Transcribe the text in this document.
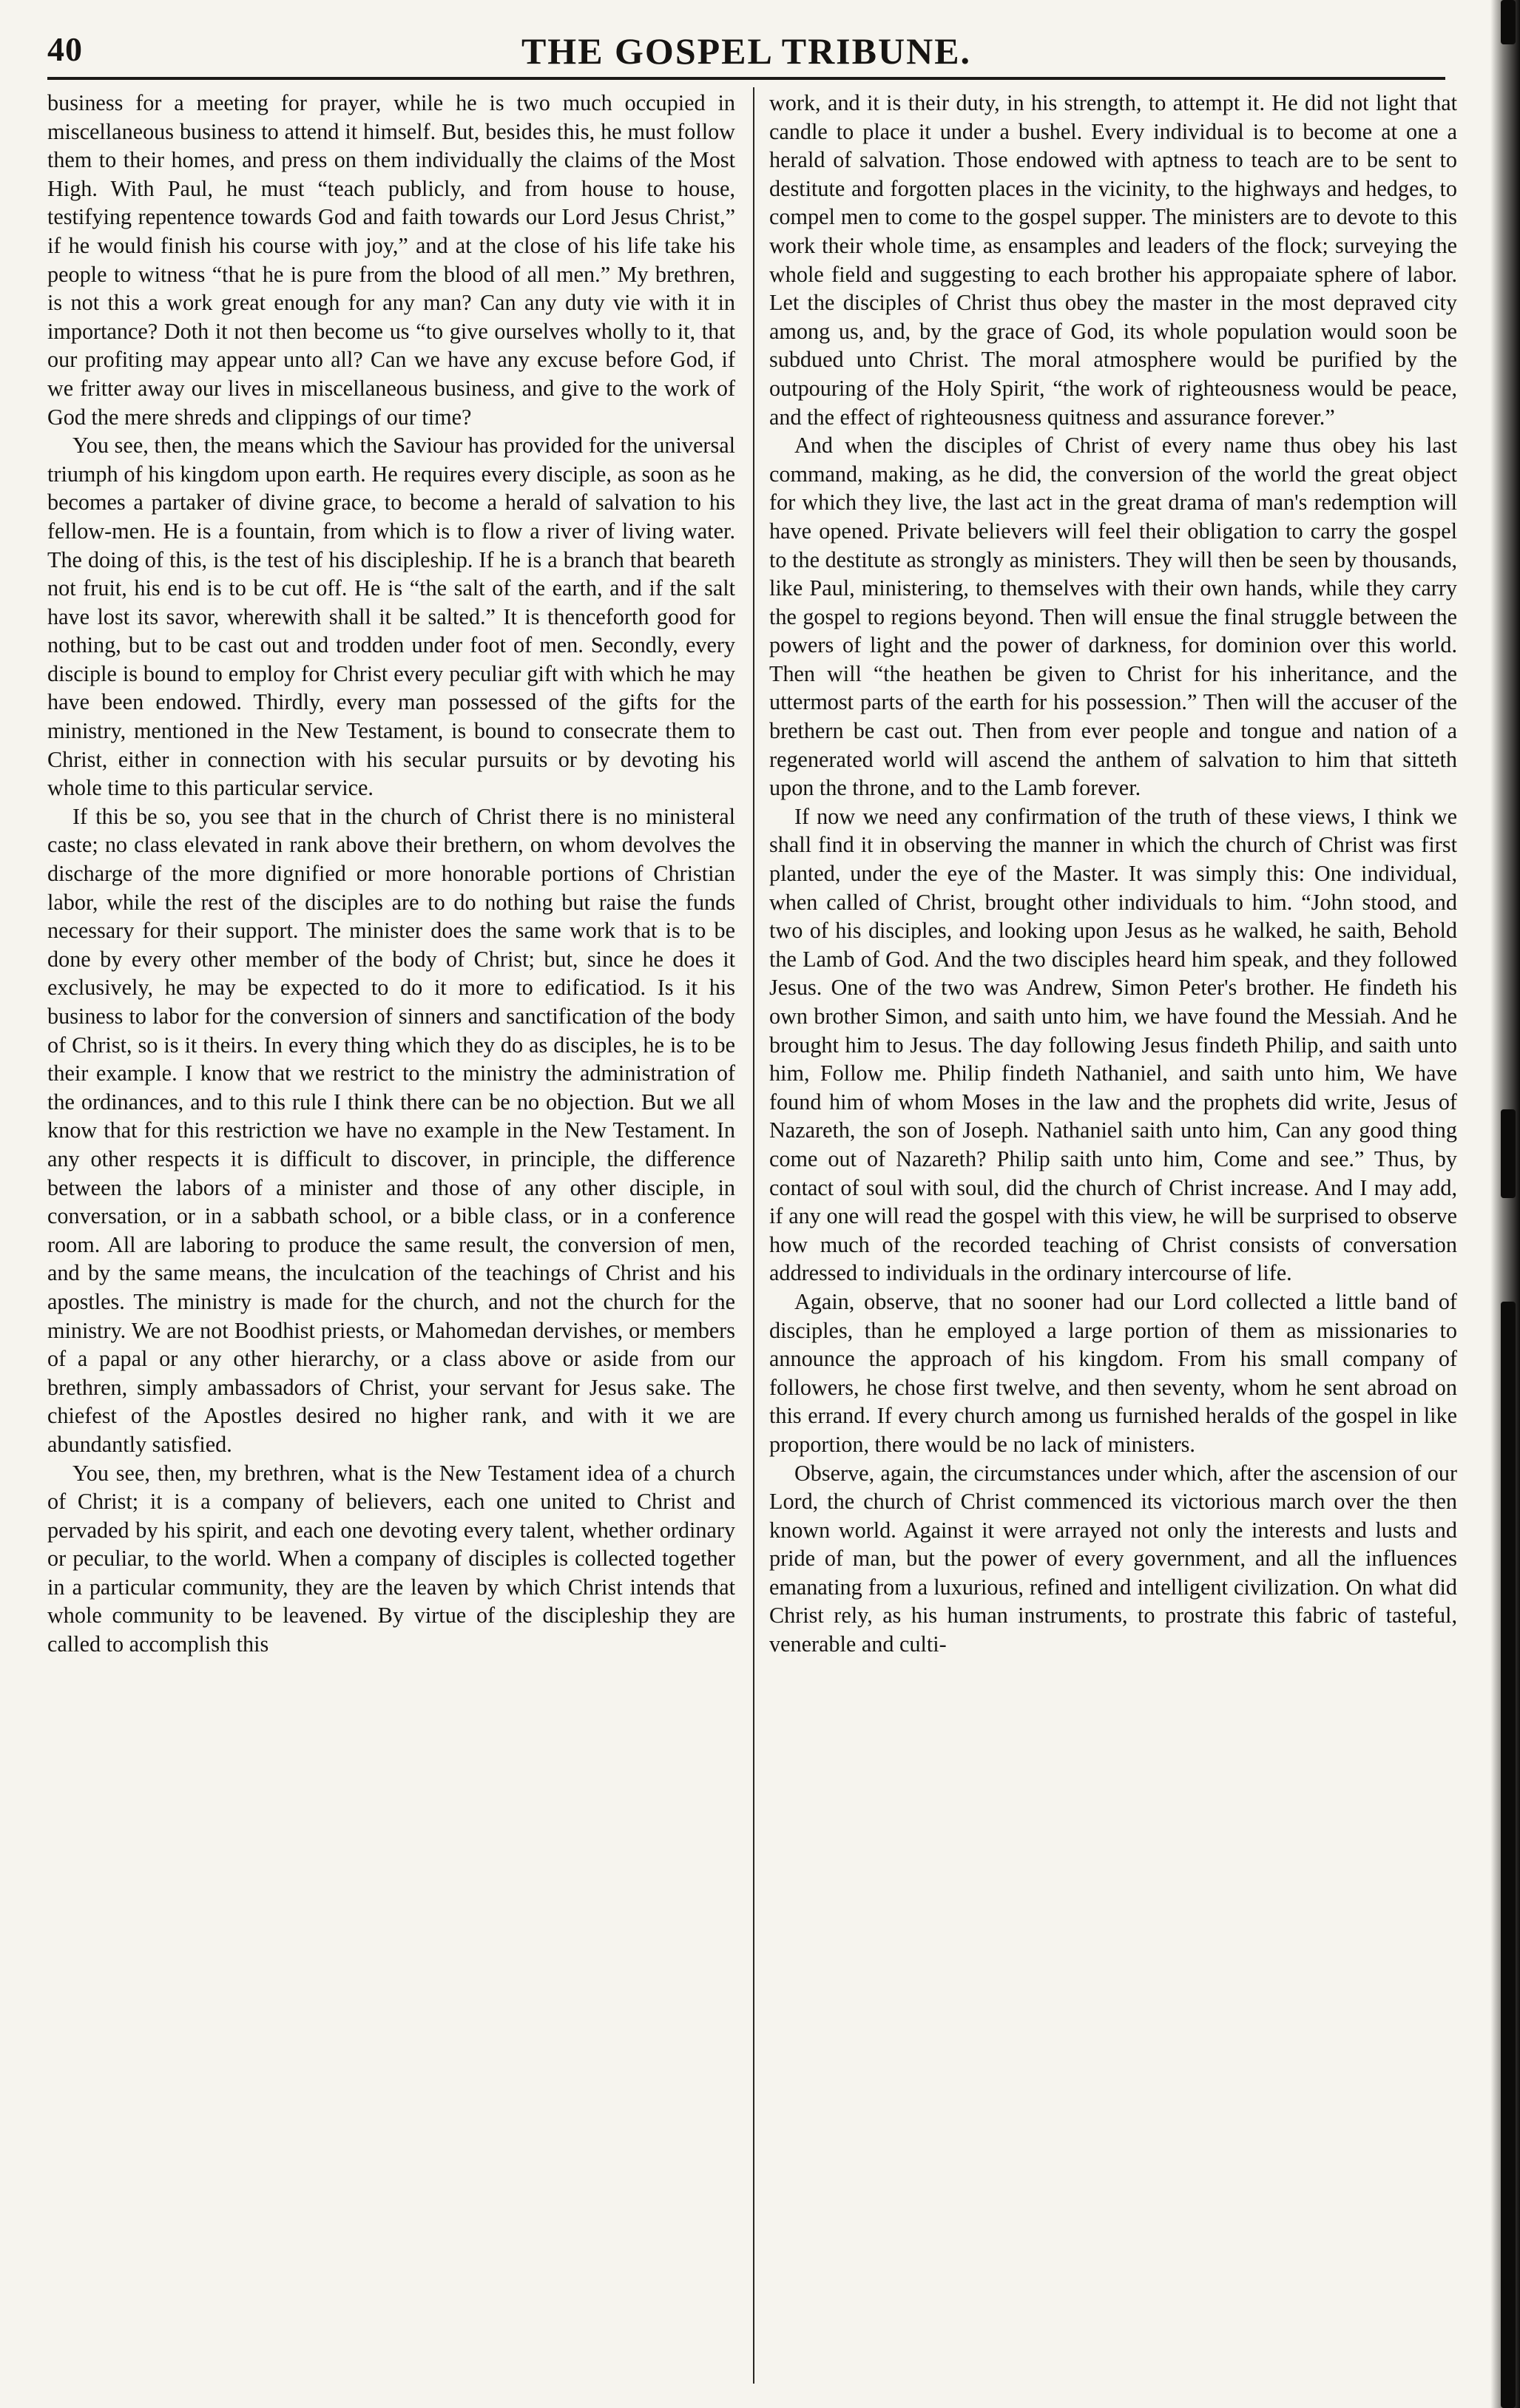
40	THE GOSPEL TRIBUNE.

business for a meeting for prayer, while he is two much occupied in miscellaneous business to attend it himself. But, besides this, he must follow them to their homes, and press on them individually the claims of the Most High. With Paul, he must “teach publicly, and from house to house, testifying repentence towards God and faith towards our Lord Jesus Christ,” if he would finish his course with joy,” and at the close of his life take his people to witness “that he is pure from the blood of all men.” My brethren, is not this a work great enough for any man? Can any duty vie with it in importance? Doth it not then become us “to give ourselves wholly to it, that our profiting may appear unto all? Can we have any excuse before God, if we fritter away our lives in miscellaneous business, and give to the work of God the mere shreds and clippings of our time?

You see, then, the means which the Saviour has provided for the universal triumph of his kingdom upon earth. He requires every disciple, as soon as he becomes a partaker of divine grace, to become a herald of salvation to his fellow-men. He is a fountain, from which is to flow a river of living water. The doing of this, is the test of his discipleship. If he is a branch that beareth not fruit, his end is to be cut off. He is “the salt of the earth, and if the salt have lost its savor, wherewith shall it be salted.” It is thenceforth good for nothing, but to be cast out and trodden under foot of men. Secondly, every disciple is bound to employ for Christ every peculiar gift with which he may have been endowed. Thirdly, every man possessed of the gifts for the ministry, mentioned in the New Testament, is bound to consecrate them to Christ, either in connection with his secular pursuits or by devoting his whole time to this particular service.

If this be so, you see that in the church of Christ there is no ministeral caste; no class elevated in rank above their brethern, on whom devolves the discharge of the more dignified or more honorable portions of Christian labor, while the rest of the disciples are to do nothing but raise the funds necessary for their support. The minister does the same work that is to be done by every other member of the body of Christ; but, since he does it exclusively, he may be expected to do it more to edificatiod. Is it his business to labor for the conversion of sinners and sanctification of the body of Christ, so is it theirs. In every thing which they do as disciples, he is to be their example. I know that we restrict to the ministry the administration of the ordinances, and to this rule I think there can be no objection. But we all know that for this restriction we have no example in the New Testament. In any other respects it is difficult to discover, in principle, the difference between the labors of a minister and those of any other disciple, in conversation, or in a sabbath school, or a bible class, or in a conference room. All are laboring to produce the same result, the conversion of men, and by the same means, the inculcation of the teachings of Christ and his apostles. The ministry is made for the church, and not the church for the ministry. We are not Boodhist priests, or Mahomedan dervishes, or members of a papal or any other hierarchy, or a class above or aside from our brethren, simply ambassadors of Christ, your servant for Jesus sake. The chiefest of the Apostles desired no higher rank, and with it we are abundantly satisfied.

You see, then, my brethren, what is the New Testament idea of a church of Christ; it is a company of believers, each one united to Christ and pervaded by his spirit, and each one devoting every talent, whether ordinary or peculiar, to the world. When a company of disciples is collected together in a particular community, they are the leaven by which Christ intends that whole community to be leavened. By virtue of the discipleship they are called to accomplish this

work, and it is their duty, in his strength, to attempt it. He did not light that candle to place it under a bushel. Every individual is to become at one a herald of salvation. Those endowed with aptness to teach are to be sent to destitute and forgotten places in the vicinity, to the highways and hedges, to compel men to come to the gospel supper. The ministers are to devote to this work their whole time, as ensamples and leaders of the flock; surveying the whole field and suggesting to each brother his appropaiate sphere of labor. Let the disciples of Christ thus obey the master in the most depraved city among us, and, by the grace of God, its whole population would soon be subdued unto Christ. The moral atmosphere would be purified by the outpouring of the Holy Spirit, “the work of righteousness would be peace, and the effect of righteousness quitness and assurance forever.”

And when the disciples of Christ of every name thus obey his last command, making, as he did, the conversion of the world the great object for which they live, the last act in the great drama of man's redemption will have opened. Private believers will feel their obligation to carry the gospel to the destitute as strongly as ministers. They will then be seen by thousands, like Paul, ministering, to themselves with their own hands, while they carry the gospel to regions beyond. Then will ensue the final struggle between the powers of light and the power of darkness, for dominion over this world. Then will “the heathen be given to Christ for his inheritance, and the uttermost parts of the earth for his possession.” Then will the accuser of the brethern be cast out. Then from ever people and tongue and nation of a regenerated world will ascend the anthem of salvation to him that sitteth upon the throne, and to the Lamb forever.

If now we need any confirmation of the truth of these views, I think we shall find it in observing the manner in which the church of Christ was first planted, under the eye of the Master. It was simply this: One individual, when called of Christ, brought other individuals to him. “John stood, and two of his disciples, and looking upon Jesus as he walked, he saith, Behold the Lamb of God. And the two disciples heard him speak, and they followed Jesus. One of the two was Andrew, Simon Peter's brother. He findeth his own brother Simon, and saith unto him, we have found the Messiah. And he brought him to Jesus. The day following Jesus findeth Philip, and saith unto him, Follow me. Philip findeth Nathaniel, and saith unto him, We have found him of whom Moses in the law and the prophets did write, Jesus of Nazareth, the son of Joseph. Nathaniel saith unto him, Can any good thing come out of Nazareth? Philip saith unto him, Come and see.” Thus, by contact of soul with soul, did the church of Christ increase. And I may add, if any one will read the gospel with this view, he will be surprised to observe how much of the recorded teaching of Christ consists of conversation addressed to individuals in the ordinary intercourse of life.

Again, observe, that no sooner had our Lord collected a little band of disciples, than he employed a large portion of them as missionaries to announce the approach of his kingdom. From his small company of followers, he chose first twelve, and then seventy, whom he sent abroad on this errand. If every church among us furnished heralds of the gospel in like proportion, there would be no lack of ministers.

Observe, again, the circumstances under which, after the ascension of our Lord, the church of Christ commenced its victorious march over the then known world. Against it were arrayed not only the interests and lusts and pride of man, but the power of every government, and all the influences emanating from a luxurious, refined and intelligent civilization. On what did Christ rely, as his human instruments, to prostrate this fabric of tasteful, venerable and culti-
